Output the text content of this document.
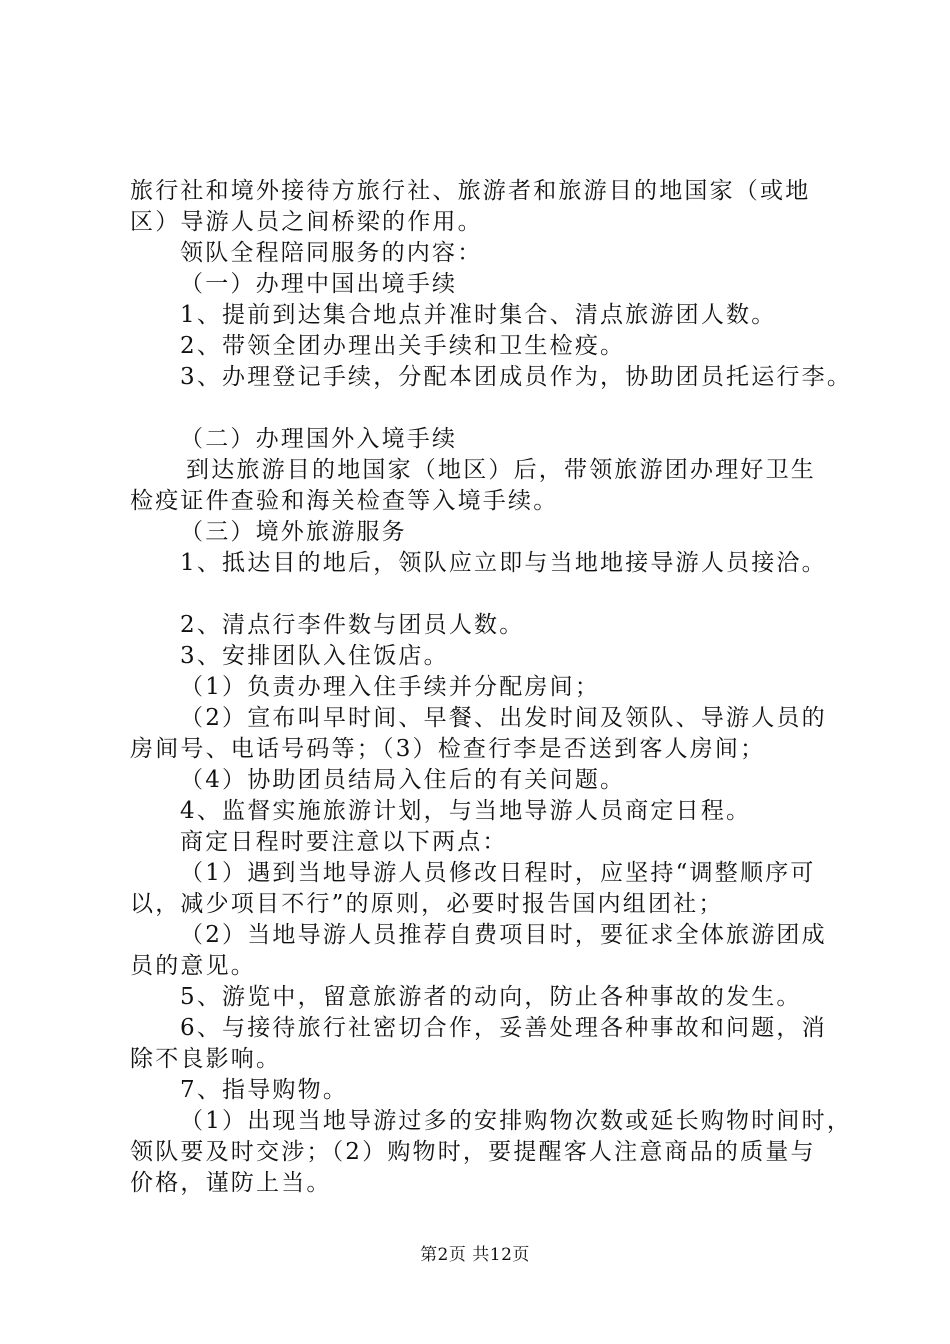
旅行社和境外接待方旅行社、旅游者和旅游目的地国家（或地
区）导游人员之间桥梁的作用。
领队全程陪同服务的内容：
（一）办理中国出境手续
1、提前到达集合地点并准时集合、清点旅游团人数。
2、带领全团办理出关手续和卫生检疫。
3、办理登记手续，分配本团成员作为，协助团员托运行李。
（二）办理国外入境手续
到达旅游目的地国家（地区）后，带领旅游团办理好卫生
检疫证件查验和海关检查等入境手续。
（三）境外旅游服务
1、抵达目的地后，领队应立即与当地地接导游人员接洽。
2、清点行李件数与团员人数。
3、安排团队入住饭店。
（1）负责办理入住手续并分配房间；
（2）宣布叫早时间、早餐、出发时间及领队、导游人员的
房间号、电话号码等；（3）检查行李是否送到客人房间；
（4）协助团员结局入住后的有关问题。
4、监督实施旅游计划，与当地导游人员商定日程。
商定日程时要注意以下两点：
（1）遇到当地导游人员修改日程时，应坚持“调整顺序可
以，减少项目不行”的原则，必要时报告国内组团社；
（2）当地导游人员推荐自费项目时，要征求全体旅游团成
员的意见。
5、游览中，留意旅游者的动向，防止各种事故的发生。
6、与接待旅行社密切合作，妥善处理各种事故和问题，消
除不良影响。
7、指导购物。
（1）出现当地导游过多的安排购物次数或延长购物时间时，
领队要及时交涉；（2）购物时，要提醒客人注意商品的质量与
价格，谨防上当。
第2页 共12页
